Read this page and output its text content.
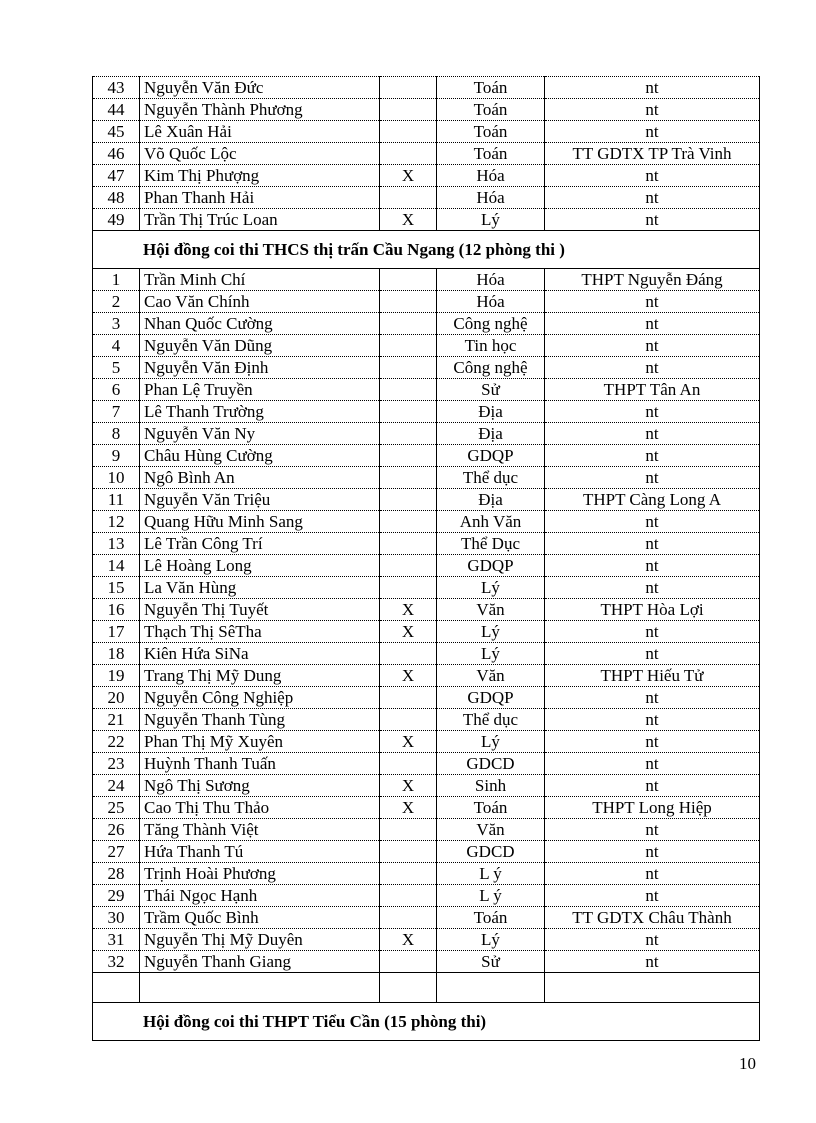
43	Nguyễn Văn Đức		Toán	nt
44	Nguyễn Thành Phương		Toán	nt
45	Lê Xuân Hải		Toán	nt
46	Võ Quốc Lộc		Toán	TT GDTX TP Trà Vinh
47	Kim Thị Phượng	X	Hóa	nt
48	Phan Thanh Hải		Hóa	nt
49	Trần Thị Trúc Loan	X	Lý	nt
Hội đồng coi thi THCS thị trấn Cầu Ngang (12 phòng thi )				
1	Trần Minh Chí		Hóa	THPT Nguyễn Đáng
2	Cao Văn Chính		Hóa	nt
3	Nhan Quốc Cường		Công nghệ	nt
4	Nguyễn Văn Dũng		Tin học	nt
5	Nguyễn Văn Định		Công nghệ	nt
6	Phan Lệ Truyền		Sử	THPT Tân An
7	Lê Thanh Trường		Địa	nt
8	Nguyễn Văn Ny		Địa	nt
9	Châu Hùng Cường		GDQP	nt
10	Ngô Bình An		Thể dục	nt
11	Nguyễn Văn Triệu		Địa	THPT Càng Long A
12	Quang Hữu Minh Sang		Anh Văn	nt
13	Lê Trần Công Trí		Thể Dục	nt
14	Lê Hoàng Long		GDQP	nt
15	La Văn Hùng		Lý	nt
16	Nguyễn Thị Tuyết	X	Văn	THPT Hòa Lợi
17	Thạch Thị SêTha	X	Lý	nt
18	Kiên Hứa SiNa		Lý	nt
19	Trang Thị Mỹ Dung	X	Văn	THPT Hiếu Tử
20	Nguyễn Công Nghiệp		GDQP	nt
21	Nguyễn Thanh Tùng		Thể dục	nt
22	Phan Thị Mỹ Xuyên	X	Lý	nt
23	Huỳnh Thanh Tuấn		GDCD	nt
24	Ngô Thị Sương	X	Sinh	nt
25	Cao Thị Thu Thảo	X	Toán	THPT Long Hiệp
26	Tăng Thành Việt		Văn	nt
27	Hứa Thanh Tú		GDCD	nt
28	Trịnh Hoài Phương		L ý	nt
29	Thái Ngọc Hạnh		L ý	nt
30	Trầm Quốc Bình		Toán	TT GDTX Châu Thành
31	Nguyễn Thị Mỹ Duyên	X	Lý	nt
32	Nguyễn Thanh Giang		Sử	nt

Hội đồng coi thi THPT Tiểu Cần (15 phòng thi)				
10
